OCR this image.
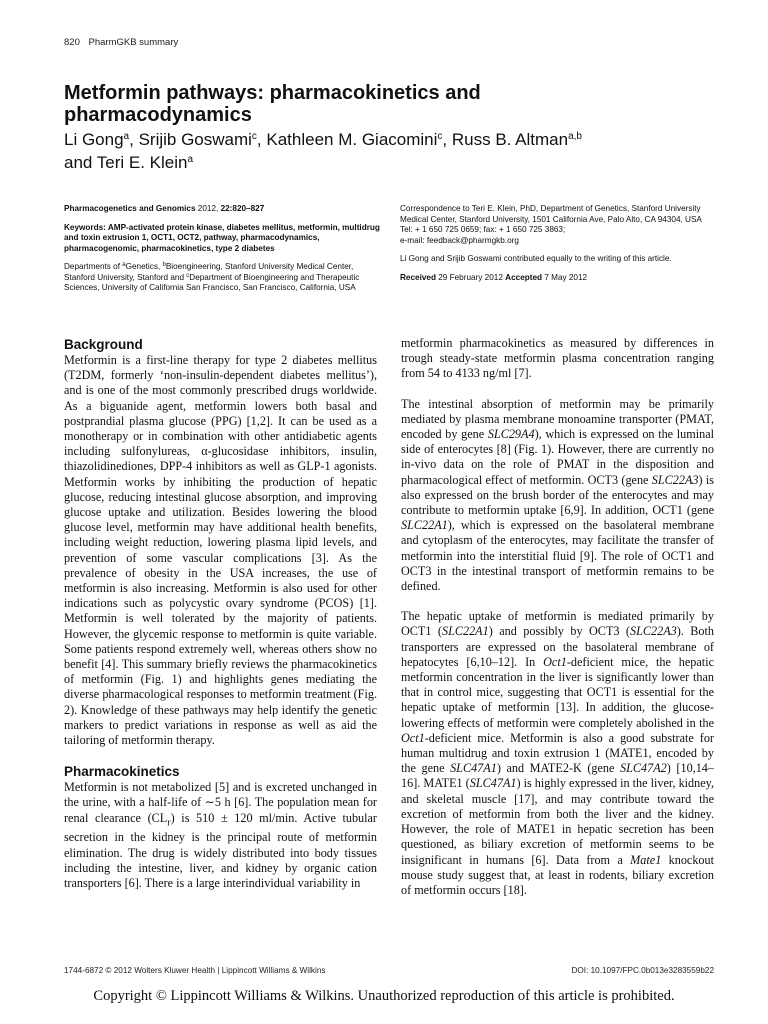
820 PharmGKB summary
Metformin pathways: pharmacokinetics and pharmacodynamics

Li Gong$^a$, Srijib Goswami$^c$, Kathleen M. Giacomini$^c$, Russ B. Altman$^{a,b}$
and Teri E. Klein$^a$

Pharmacogenetics and Genomics 2012, 22:820–827

Keywords: AMP-activated protein kinase, diabetes mellitus, metformin, multidrug and toxin extrusion 1, OCT1, OCT2, pathway, pharmacodynamics, pharmacogenomic, pharmacokinetics, type 2 diabetes

Departments of $^a$Genetics, $^b$Bioengineering, Stanford University Medical Center, Stanford University, Stanford and $^c$Department of Bioengineering and Therapeutic Sciences, University of California San Francisco, San Francisco, California, USA

Correspondence to Teri E. Klein, PhD, Department of Genetics, Stanford University Medical Center, Stanford University, 1501 California Ave, Palo Alto, CA 94304, USA
Tel: + 1 650 725 0659; fax: + 1 650 725 3863;
e-mail: feedback@pharmgkb.org

Li Gong and Srijib Goswami contributed equally to the writing of this article.

Received 29 February 2012 Accepted 7 May 2012

Background

Metformin is a first-line therapy for type 2 diabetes mellitus (T2DM, formerly ‘non-insulin-dependent diabetes mellitus’), and is one of the most commonly prescribed drugs worldwide. As a biguanide agent, metformin lowers both basal and postprandial plasma glucose (PPG) [1,2]. It can be used as a monotherapy or in combination with other antidiabetic agents including sulfonylureas, α-glucosidase inhibitors, insulin, thiazolidinediones, DPP-4 inhibitors as well as GLP-1 agonists. Metformin works by inhibiting the production of hepatic glucose, reducing intestinal glucose absorption, and improving glucose uptake and utilization. Besides lowering the blood glucose level, metformin may have additional health benefits, including weight reduction, lowering plasma lipid levels, and prevention of some vascular complications [3]. As the prevalence of obesity in the USA increases, the use of metformin is also increasing. Metformin is also used for other indications such as polycystic ovary syndrome (PCOS) [1]. Metformin is well tolerated by the majority of patients. However, the glycemic response to metformin is quite variable. Some patients respond extremely well, whereas others show no benefit [4]. This summary briefly reviews the pharmacokinetics of metformin (Fig. 1) and highlights genes mediating the diverse pharmacological responses to metformin treatment (Fig. 2). Knowledge of these pathways may help identify the genetic markers to predict variations in response as well as aid the tailoring of metformin therapy.

Pharmacokinetics

Metformin is not metabolized [5] and is excreted unchanged in the urine, with a half-life of ∼5 h [6]. The population mean for renal clearance $(CL_r)$ is 510 ± 120 ml/min. Active tubular secretion in the kidney is the principal route of metformin elimination. The drug is widely distributed into body tissues including the intestine, liver, and kidney by organic cation transporters [6]. There is a large interindividual variability in

metformin pharmacokinetics as measured by differences in trough steady-state metformin plasma concentration ranging from 54 to 4133 ng/ml [7].

The intestinal absorption of metformin may be primarily mediated by plasma membrane monoamine transporter (PMAT, encoded by gene SLC29A4), which is expressed on the luminal side of enterocytes [8] (Fig. 1). However, there are currently no in-vivo data on the role of PMAT in the disposition and pharmacological effect of metformin. OCT3 (gene SLC22A3) is also expressed on the brush border of the enterocytes and may contribute to metformin uptake [6,9]. In addition, OCT1 (gene SLC22A1), which is expressed on the basolateral membrane and cytoplasm of the enterocytes, may facilitate the transfer of metformin into the interstitial fluid [9]. The role of OCT1 and OCT3 in the intestinal transport of metformin remains to be defined.

The hepatic uptake of metformin is mediated primarily by OCT1 (SLC22A1) and possibly by OCT3 (SLC22A3). Both transporters are expressed on the basolateral membrane of hepatocytes [6,10–12]. In Oct1-deficient mice, the hepatic metformin concentration in the liver is significantly lower than that in control mice, suggesting that OCT1 is essential for the hepatic uptake of metformin [13]. In addition, the glucose-lowering effects of metformin were completely abolished in the Oct1-deficient mice. Metformin is also a good substrate for human multidrug and toxin extrusion 1 (MATE1, encoded by the gene SLC47A1) and MATE2-K (gene SLC47A2) [10,14–16]. MATE1 (SLC47A1) is highly expressed in the liver, kidney, and skeletal muscle [17], and may contribute toward the excretion of metformin from both the liver and the kidney. However, the role of MATE1 in hepatic secretion has been questioned, as biliary excretion of metformin seems to be insignificant in humans [6]. Data from a Mate1 knockout mouse study suggest that, at least in rodents, biliary excretion of metformin occurs [18].

1744-6872 © 2012 Wolters Kluwer Health | Lippincott Williams & Wilkins	DOI: 10.1097/FPC.0b013e3283559b22
Copyright © Lippincott Williams & Wilkins. Unauthorized reproduction of this article is prohibited.
